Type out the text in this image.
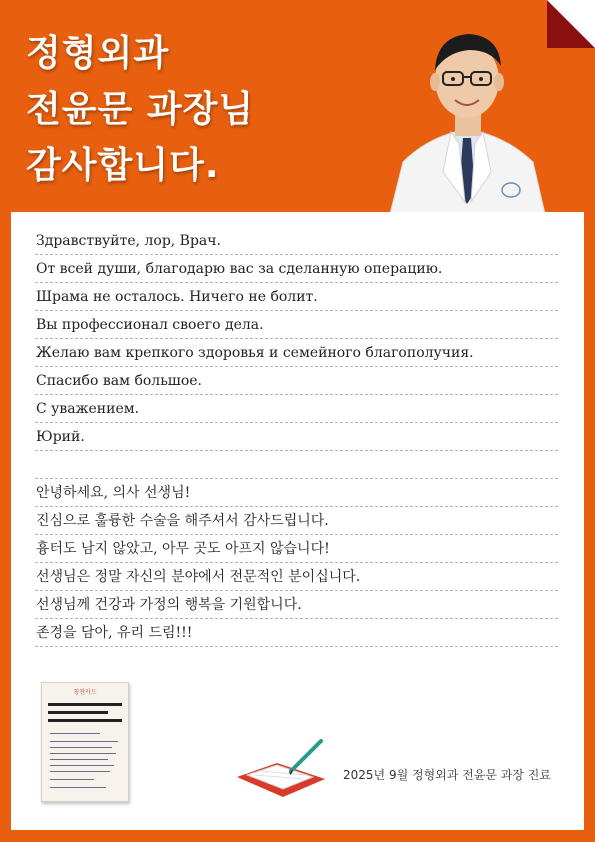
정형외과
전윤문 과장님
감사합니다.
Здравствуйте, лор, Врач.
От всей души, благодарю вас за сделанную операцию.
Шрама не осталось. Ничего не болит.
Вы профессионал своего дела.
Желаю вам крепкого здоровья и семейного благополучия.
Спасибо вам большое.
С уважением.
Юрий.
안녕하세요, 의사 선생님!
진심으로 훌륭한 수술을 해주셔서 감사드립니다.
흉터도 남지 않았고, 아무 곳도 아프지 않습니다!
선생님은 정말 자신의 분야에서 전문적인 분이십니다.
선생님께 건강과 가정의 행복을 기원합니다.
존경을 담아, 유리 드림!!!
칭찬카드
2025년 9월 정형외과 전윤문 과장 진료
